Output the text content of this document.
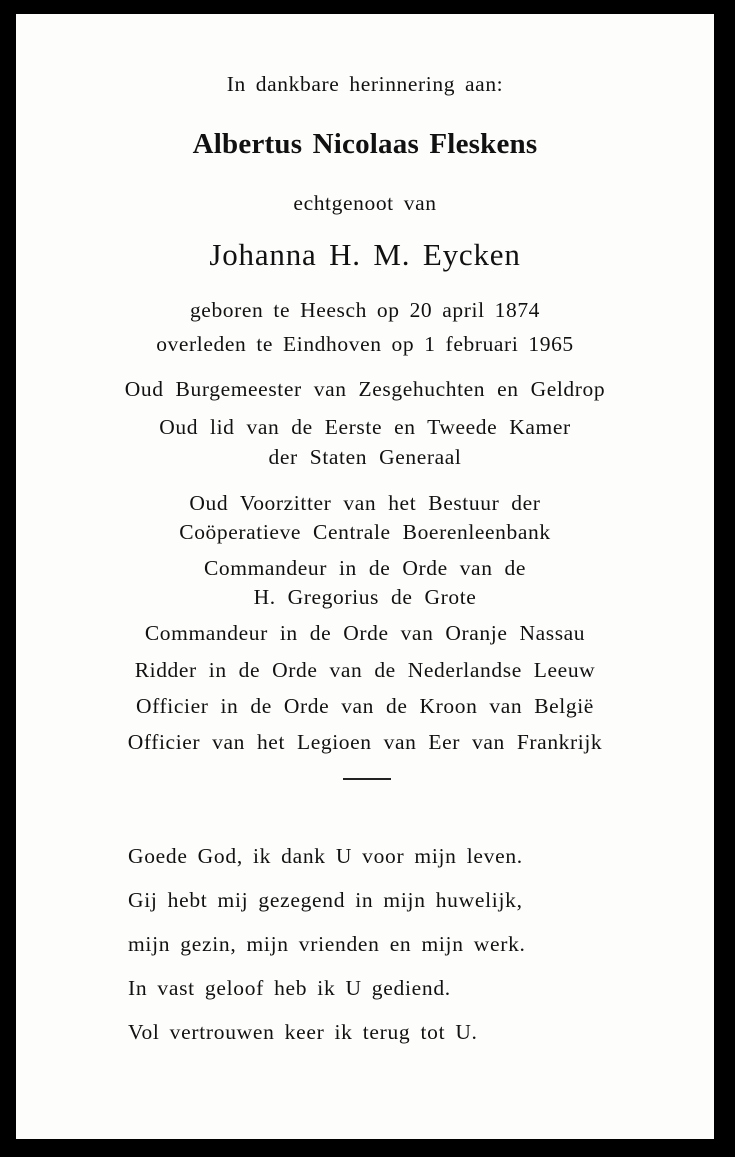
In dankbare herinnering aan:
Albertus Nicolaas Fleskens
echtgenoot van
Johanna H. M. Eycken
geboren te Heesch op 20 april 1874
overleden te Eindhoven op 1 februari 1965
Oud Burgemeester van Zesgehuchten en Geldrop
Oud lid van de Eerste en Tweede Kamer
der Staten Generaal
Oud Voorzitter van het Bestuur der
Coöperatieve Centrale Boerenleenbank
Commandeur in de Orde van de
H. Gregorius de Grote
Commandeur in de Orde van Oranje Nassau
Ridder in de Orde van de Nederlandse Leeuw
Officier in de Orde van de Kroon van België
Officier van het Legioen van Eer van Frankrijk
Goede God, ik dank U voor mijn leven.
Gij hebt mij gezegend in mijn huwelijk,
mijn gezin, mijn vrienden en mijn werk.
In vast geloof heb ik U gediend.
Vol vertrouwen keer ik terug tot U.
